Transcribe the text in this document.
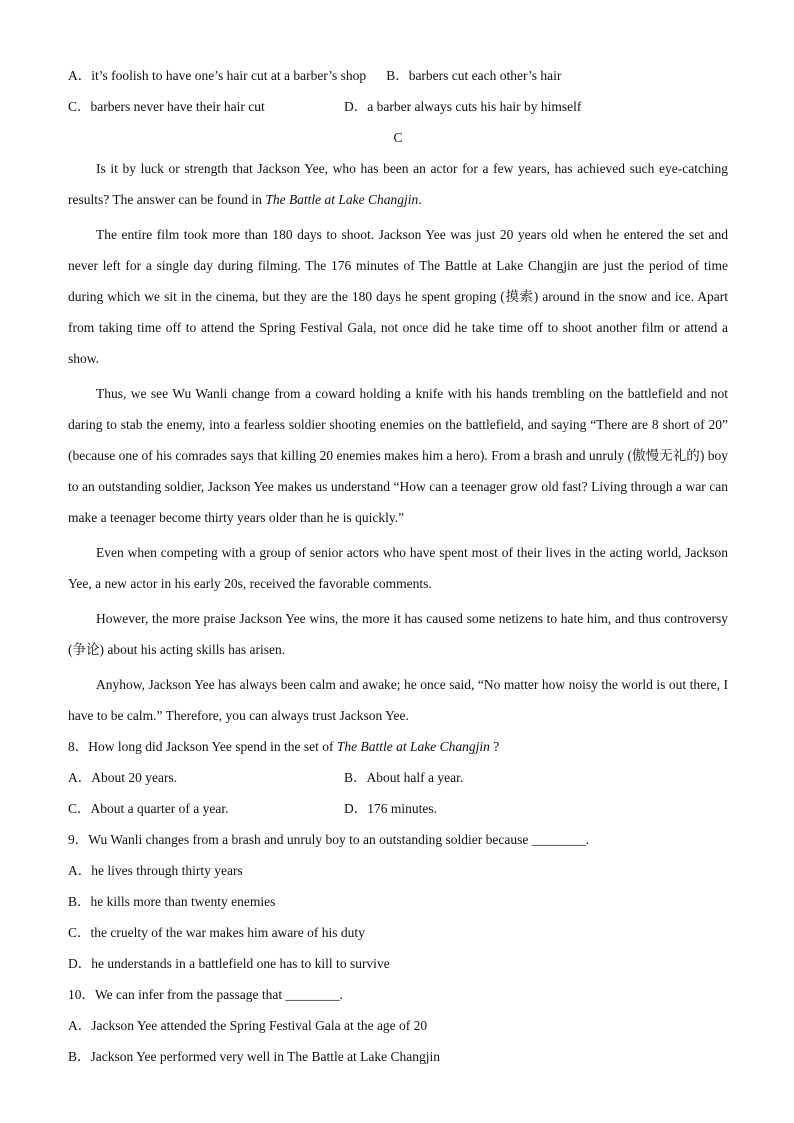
A．it’s foolish to have one’s hair cut at a barber’s shop B．barbers cut each other’s hair
C．barbers never have their hair cut	D．a barber always cuts his hair by himself
C

Is it by luck or strength that Jackson Yee, who has been an actor for a few years, has achieved such eye-catching results? The answer can be found in The Battle at Lake Changjin.

The entire film took more than 180 days to shoot. Jackson Yee was just 20 years old when he entered the set and never left for a single day during filming. The 176 minutes of The Battle at Lake Changjin are just the period of time during which we sit in the cinema, but they are the 180 days he spent groping (摸索) around in the snow and ice. Apart from taking time off to attend the Spring Festival Gala, not once did he take time off to shoot another film or attend a show.

Thus, we see Wu Wanli change from a coward holding a knife with his hands trembling on the battlefield and not daring to stab the enemy, into a fearless soldier shooting enemies on the battlefield, and saying “There are 8 short of 20” (because one of his comrades says that killing 20 enemies makes him a hero). From a brash and unruly (傲慢无礼的) boy to an outstanding soldier, Jackson Yee makes us understand “How can a teenager grow old fast? Living through a war can make a teenager become thirty years older than he is quickly.”

Even when competing with a group of senior actors who have spent most of their lives in the acting world, Jackson Yee, a new actor in his early 20s, received the favorable comments.

However, the more praise Jackson Yee wins, the more it has caused some netizens to hate him, and thus controversy (争论) about his acting skills has arisen.

Anyhow, Jackson Yee has always been calm and awake; he once said, “No matter how noisy the world is out there, I have to be calm.” Therefore, you can always trust Jackson Yee.

8．How long did Jackson Yee spend in the set of The Battle at Lake Changjin ?
A．About 20 years.	B．About half a year.
C．About a quarter of a year.	D．176 minutes.
9．Wu Wanli changes from a brash and unruly boy to an outstanding soldier because ________.
A．he lives through thirty years
B．he kills more than twenty enemies
C．the cruelty of the war makes him aware of his duty
D．he understands in a battlefield one has to kill to survive
10．We can infer from the passage that ________.
A．Jackson Yee attended the Spring Festival Gala at the age of 20
B．Jackson Yee performed very well in The Battle at Lake Changjin
